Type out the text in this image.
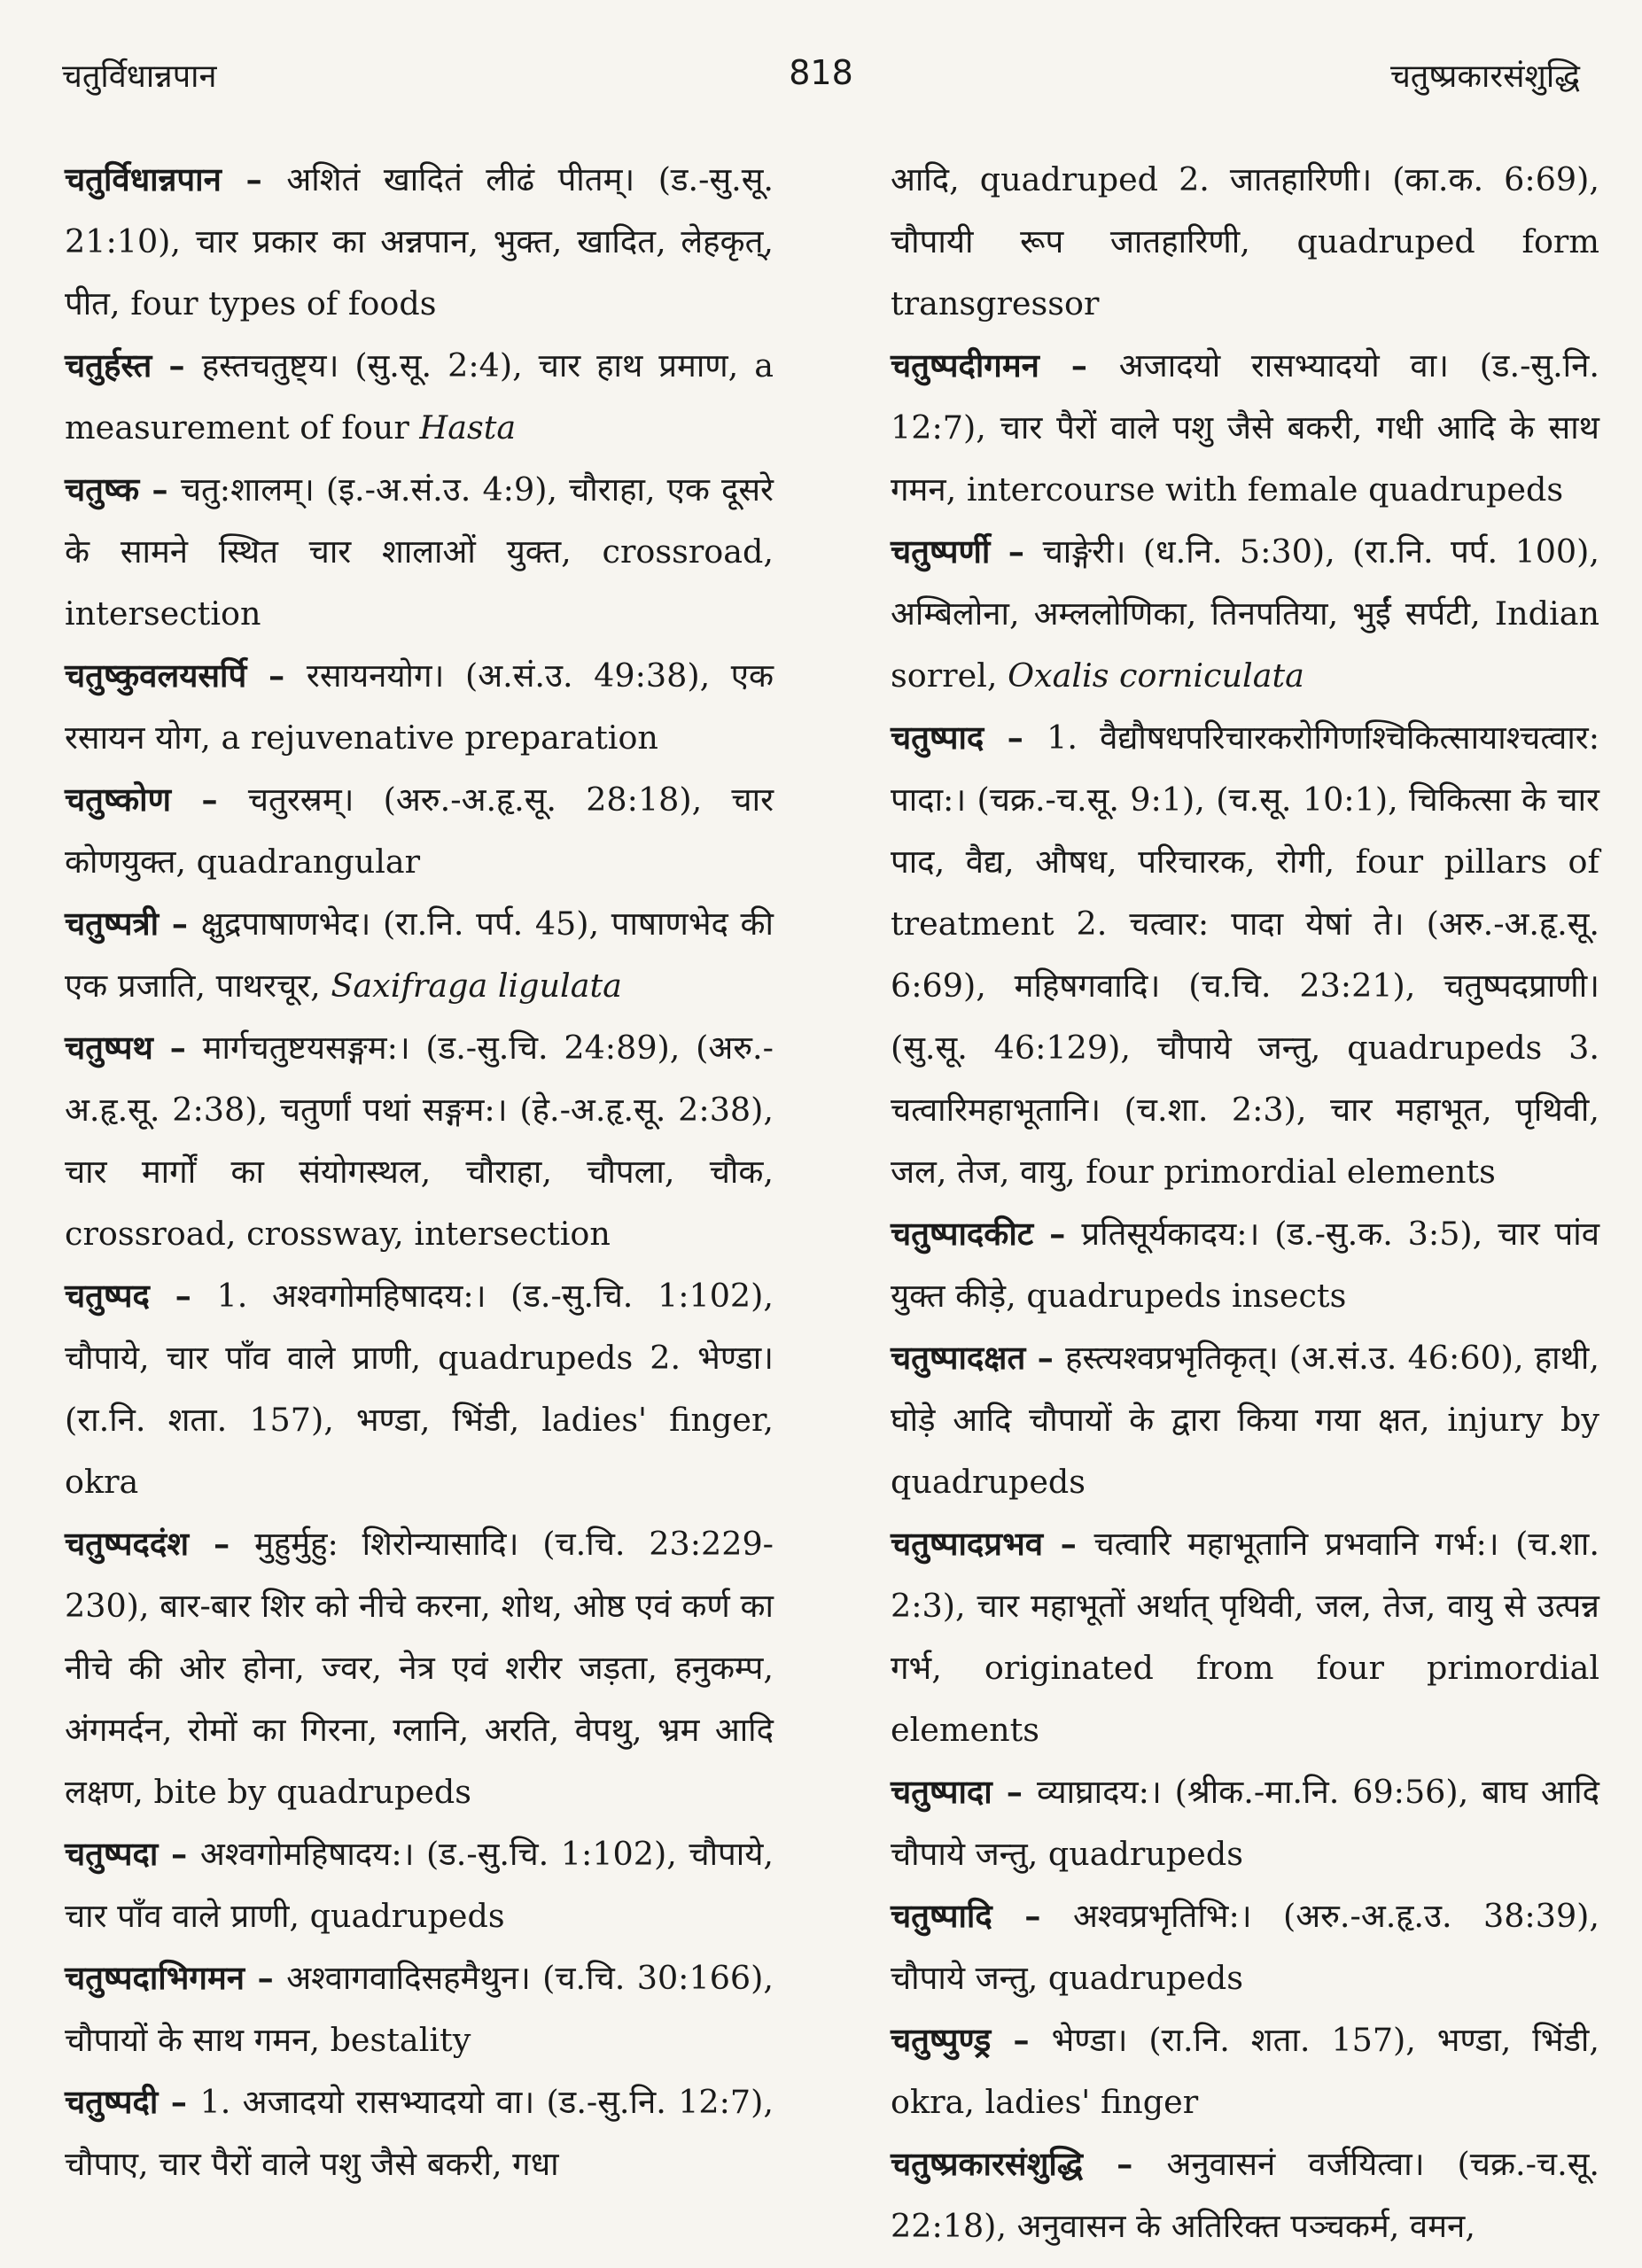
चतुर्विधान्नपान	818	चतुष्प्रकारसंशुद्धि

चतुर्विधान्नपान – अशितं खादितं लीढं पीतम्। (ड.-सु.सू. 21:10), चार प्रकार का अन्नपान, भुक्त, खादित, लेहकृत्, पीत, four types of foods

चतुर्हस्त – हस्तचतुष्ट्य। (सु.सू. 2:4), चार हाथ प्रमाण, a measurement of four Hasta

चतुष्क – चतु:शालम्। (इ.-अ.सं.उ. 4:9), चौराहा, एक दूसरे के सामने स्थित चार शालाओं युक्त, crossroad, intersection

चतुष्कुवलयसर्पि – रसायनयोग। (अ.सं.उ. 49:38), एक रसायन योग, a rejuvenative preparation

चतुष्कोण – चतुरस्रम्। (अरु.-अ.हृ.सू. 28:18), चार कोणयुक्त, quadrangular

चतुष्पत्री – क्षुद्रपाषाणभेद। (रा.नि. पर्प. 45), पाषाणभेद की एक प्रजाति, पाथरचूर, Saxifraga ligulata

चतुष्पथ – मार्गचतुष्टयसङ्गम:। (ड.-सु.चि. 24:89), (अरु.-अ.हृ.सू. 2:38), चतुर्णां पथां सङ्गम:। (हे.-अ.हृ.सू. 2:38), चार मार्गों का संयोगस्थल, चौराहा, चौपला, चौक, crossroad, crossway, intersection

चतुष्पद – 1. अश्वगोमहिषादय:। (ड.-सु.चि. 1:102), चौपाये, चार पाँव वाले प्राणी, quadrupeds 2. भेण्डा। (रा.नि. शता. 157), भण्डा, भिंडी, ladies' finger, okra

चतुष्पददंश – मुहुर्मुहु: शिरोन्यासादि। (च.चि. 23:229-230), बार-बार शिर को नीचे करना, शोथ, ओष्ठ एवं कर्ण का नीचे की ओर होना, ज्वर, नेत्र एवं शरीर जड़ता, हनुकम्प, अंगमर्दन, रोमों का गिरना, ग्लानि, अरति, वेपथु, भ्रम आदि लक्षण, bite by quadrupeds

चतुष्पदा – अश्वगोमहिषादय:। (ड.-सु.चि. 1:102), चौपाये, चार पाँव वाले प्राणी, quadrupeds

चतुष्पदाभिगमन – अश्वागवादिसहमैथुन। (च.चि. 30:166), चौपायों के साथ गमन, bestality

चतुष्पदी – 1. अजादयो रासभ्यादयो वा। (ड.-सु.नि. 12:7), चौपाए, चार पैरों वाले पशु जैसे बकरी, गधा

आदि, quadruped 2. जातहारिणी। (का.क. 6:69), चौपायी रूप जातहारिणी, quadruped form transgressor

चतुष्पदीगमन – अजादयो रासभ्यादयो वा। (ड.-सु.नि. 12:7), चार पैरों वाले पशु जैसे बकरी, गधी आदि के साथ गमन, intercourse with female quadrupeds

चतुष्पर्णी – चाङ्गेरी। (ध.नि. 5:30), (रा.नि. पर्प. 100), अम्बिलोना, अम्ललोणिका, तिनपतिया, भुईं सर्पटी, Indian sorrel, Oxalis corniculata

चतुष्पाद – 1. वैद्यौषधपरिचारकरोगिणश्चिकित्सायाश्चत्वार: पादा:। (चक्र.-च.सू. 9:1), (च.सू. 10:1), चिकित्सा के चार पाद, वैद्य, औषध, परिचारक, रोगी, four pillars of treatment 2. चत्वार: पादा येषां ते। (अरु.-अ.हृ.सू. 6:69), महिषगवादि। (च.चि. 23:21), चतुष्पदप्राणी। (सु.सू. 46:129), चौपाये जन्तु, quadrupeds 3. चत्वारिमहाभूतानि। (च.शा. 2:3), चार महाभूत, पृथिवी, जल, तेज, वायु, four primordial elements

चतुष्पादकीट – प्रतिसूर्यकादय:। (ड.-सु.क. 3:5), चार पांव युक्त कीड़े, quadrupeds insects

चतुष्पादक्षत – हस्त्यश्वप्रभृतिकृत्। (अ.सं.उ. 46:60), हाथी, घोड़े आदि चौपायों के द्वारा किया गया क्षत, injury by quadrupeds

चतुष्पादप्रभव – चत्वारि महाभूतानि प्रभवानि गर्भ:। (च.शा. 2:3), चार महाभूतों अर्थात् पृथिवी, जल, तेज, वायु से उत्पन्न गर्भ, originated from four primordial elements

चतुष्पादा – व्याघ्रादय:। (श्रीक.-मा.नि. 69:56), बाघ आदि चौपाये जन्तु, quadrupeds

चतुष्पादि – अश्वप्रभृतिभि:। (अरु.-अ.हृ.उ. 38:39), चौपाये जन्तु, quadrupeds

चतुष्पुण्ड्र – भेण्डा। (रा.नि. शता. 157), भण्डा, भिंडी, okra, ladies' finger

चतुष्प्रकारसंशुद्धि – अनुवासनं वर्जयित्वा। (चक्र.-च.सू. 22:18), अनुवासन के अतिरिक्त पञ्चकर्म, वमन,
